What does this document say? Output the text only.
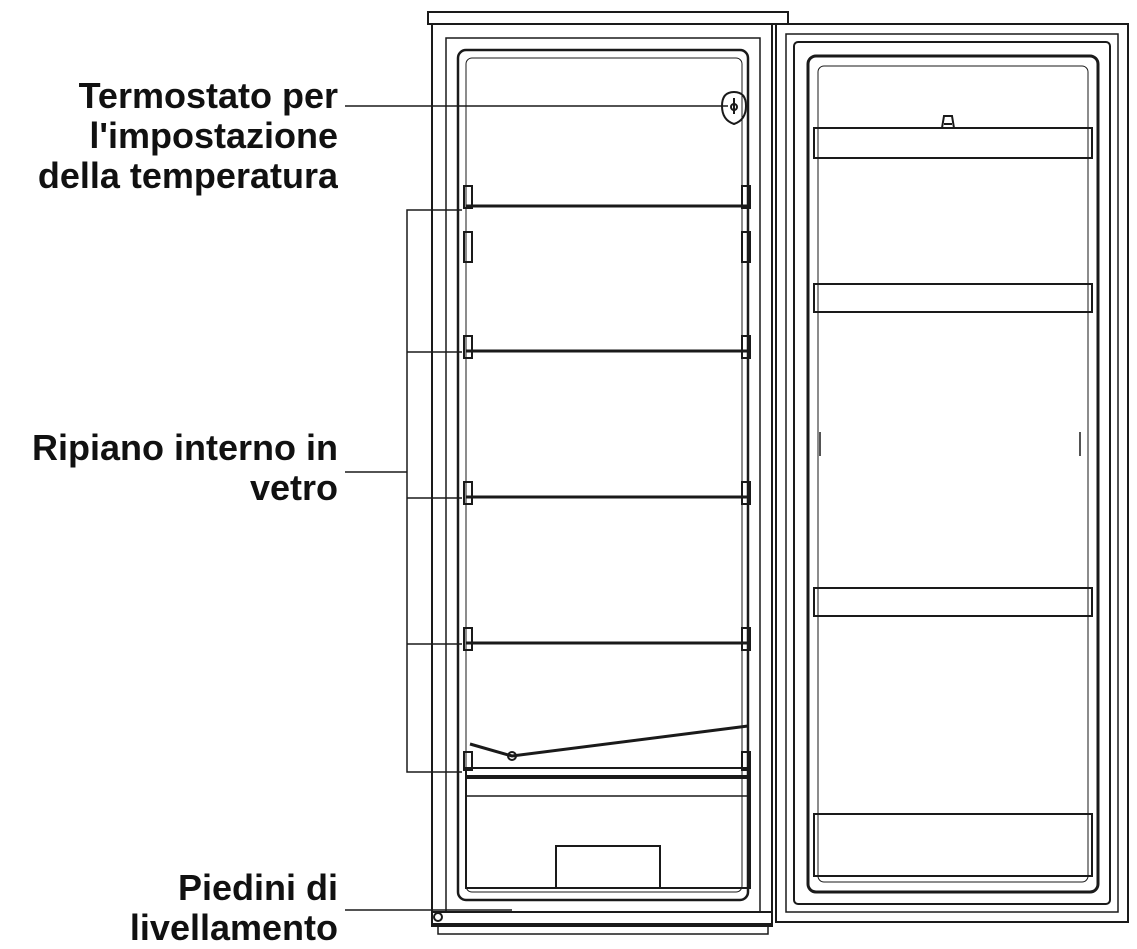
Termostato per
l'impostazione
della temperatura
Ripiano interno in
vetro
Piedini di
livellamento
